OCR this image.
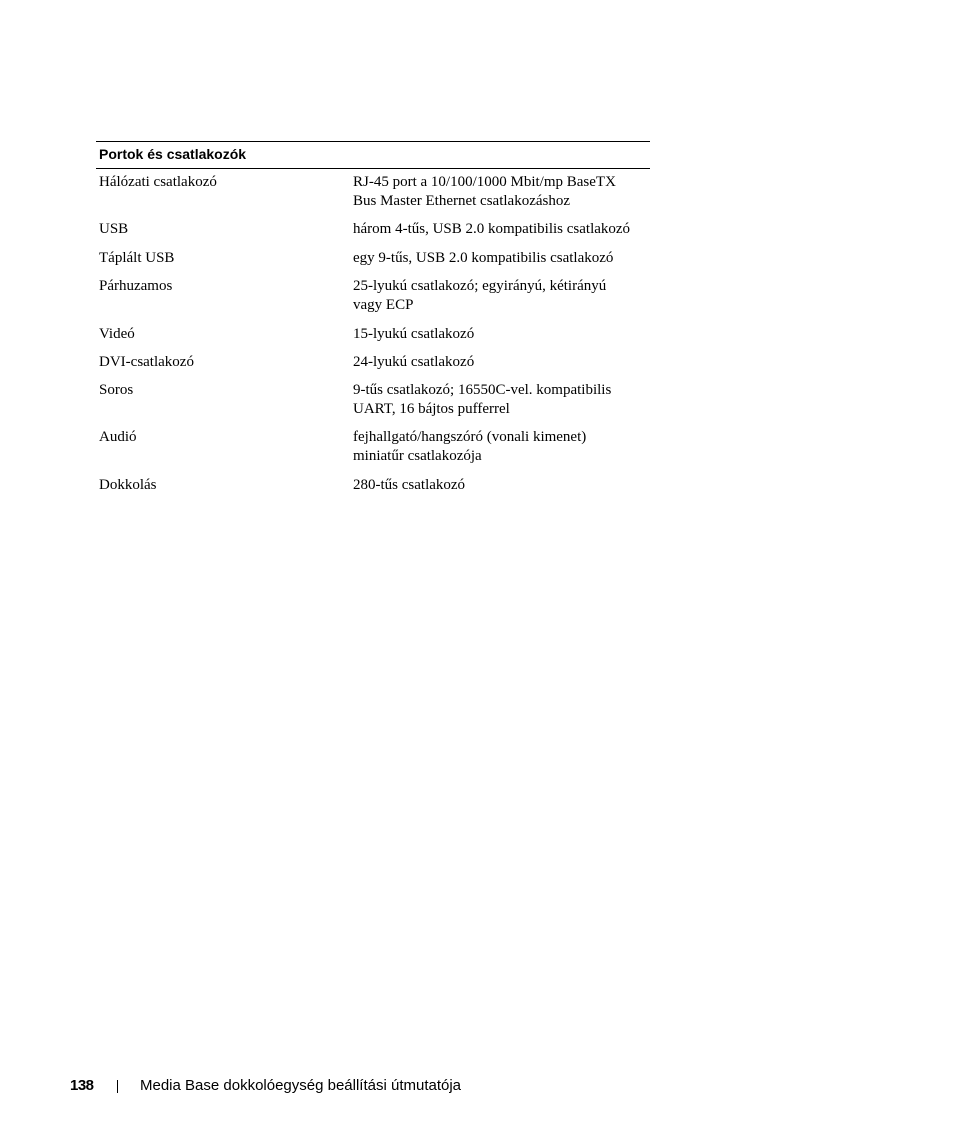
Portok és csatlakozók
Hálózati csatlakozó	RJ-45 port a 10/100/1000 Mbit/mp BaseTX
Bus Master Ethernet csatlakozáshoz
USB	három 4-tűs, USB 2.0 kompatibilis csatlakozó
Táplált USB	egy 9-tűs, USB 2.0 kompatibilis csatlakozó
Párhuzamos	25-lyukú csatlakozó; egyirányú, kétirányú
vagy ECP
Videó	15-lyukú csatlakozó
DVI-csatlakozó	24-lyukú csatlakozó
Soros	9-tűs csatlakozó; 16550C-vel. kompatibilis
UART, 16 bájtos pufferrel
Audió	fejhallgató/hangszóró (vonali kimenet)
miniatűr csatlakozója
Dokkolás	280-tűs csatlakozó
138	Media Base dokkolóegység beállítási útmutatója
